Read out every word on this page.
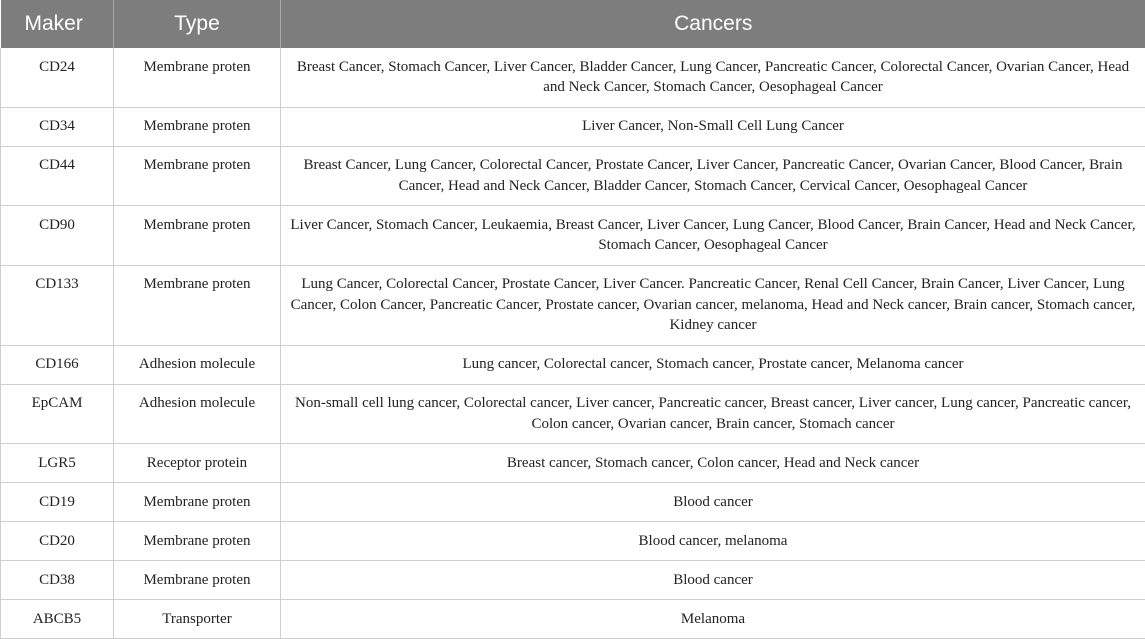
Maker	Type	Cancers
CD24	Membrane proten	Breast Cancer, Stomach Cancer, Liver Cancer, Bladder Cancer, Lung Cancer, Pancreatic Cancer, Colorectal Cancer, Ovarian Cancer, Head and Neck Cancer, Stomach Cancer, Oesophageal Cancer
CD34	Membrane proten	Liver Cancer, Non-Small Cell Lung Cancer
CD44	Membrane proten	Breast Cancer, Lung Cancer, Colorectal Cancer, Prostate Cancer, Liver Cancer, Pancreatic Cancer, Ovarian Cancer, Blood Cancer, Brain Cancer, Head and Neck Cancer, Bladder Cancer, Stomach Cancer, Cervical Cancer, Oesophageal Cancer
CD90	Membrane proten	Liver Cancer, Stomach Cancer, Leukaemia, Breast Cancer, Liver Cancer, Lung Cancer, Blood Cancer, Brain Cancer, Head and Neck Cancer, Stomach Cancer, Oesophageal Cancer
CD133	Membrane proten	Lung Cancer, Colorectal Cancer, Prostate Cancer, Liver Cancer. Pancreatic Cancer, Renal Cell Cancer, Brain Cancer, Liver Cancer, Lung Cancer, Colon Cancer, Pancreatic Cancer, Prostate cancer, Ovarian cancer, melanoma, Head and Neck cancer, Brain cancer, Stomach cancer, Kidney cancer
CD166	Adhesion molecule	Lung cancer, Colorectal cancer, Stomach cancer, Prostate cancer, Melanoma cancer
EpCAM	Adhesion molecule	Non-small cell lung cancer, Colorectal cancer, Liver cancer, Pancreatic cancer, Breast cancer, Liver cancer, Lung cancer, Pancreatic cancer, Colon cancer, Ovarian cancer, Brain cancer, Stomach cancer
LGR5	Receptor protein	Breast cancer, Stomach cancer, Colon cancer, Head and Neck cancer
CD19	Membrane proten	Blood cancer
CD20	Membrane proten	Blood cancer, melanoma
CD38	Membrane proten	Blood cancer
ABCB5	Transporter	Melanoma
